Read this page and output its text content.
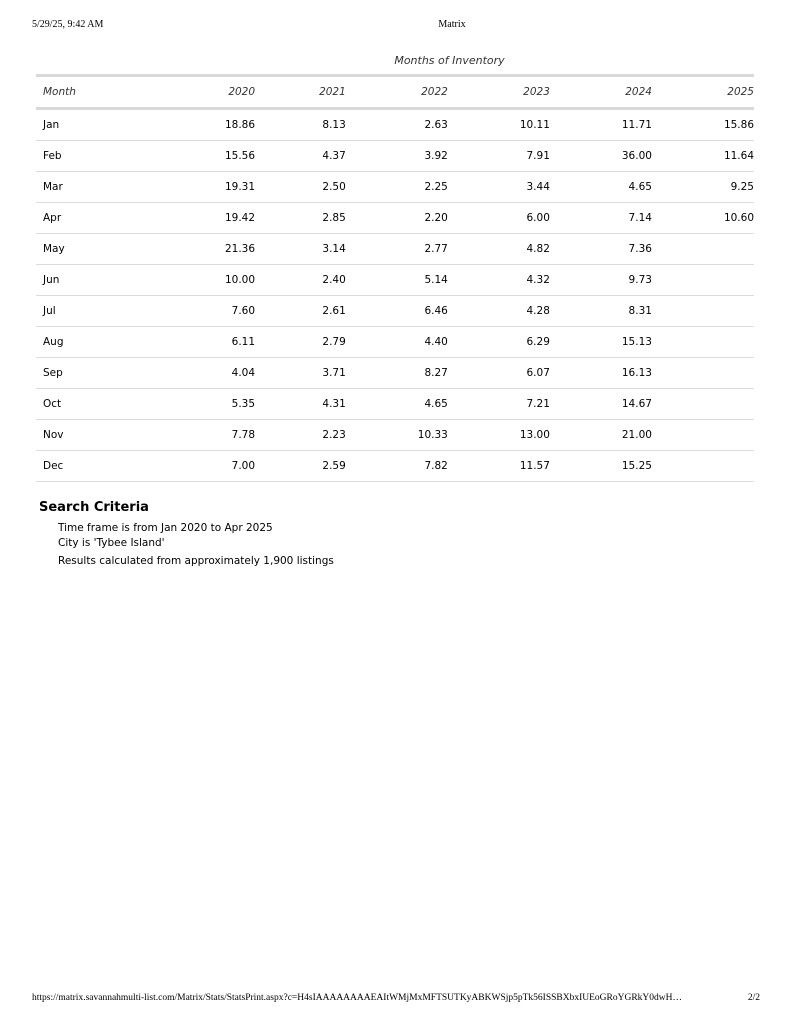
5/29/25, 9:42 AM	Matrix
Months of Inventory
Month	2020	2021	2022	2023	2024	2025
Jan	18.86	8.13	2.63	10.11	11.71	15.86
Feb	15.56	4.37	3.92	7.91	36.00	11.64
Mar	19.31	2.50	2.25	3.44	4.65	9.25
Apr	19.42	2.85	2.20	6.00	7.14	10.60
May	21.36	3.14	2.77	4.82	7.36	
Jun	10.00	2.40	5.14	4.32	9.73	
Jul	7.60	2.61	6.46	4.28	8.31	
Aug	6.11	2.79	4.40	6.29	15.13	
Sep	4.04	3.71	8.27	6.07	16.13	
Oct	5.35	4.31	4.65	7.21	14.67	
Nov	7.78	2.23	10.33	13.00	21.00	
Dec	7.00	2.59	7.82	11.57	15.25	
Search Criteria
Time frame is from Jan 2020 to Apr 2025
City is 'Tybee Island'
Results calculated from approximately 1,900 listings
https://matrix.savannahmulti-list.com/Matrix/Stats/StatsPrint.aspx?c=H4sIAAAAAAAAEAItWMjMxMFTSUTKyABKWSjp5pTk56ISSBXbxIUEoGRoYGRkY0dwH…	2/2
